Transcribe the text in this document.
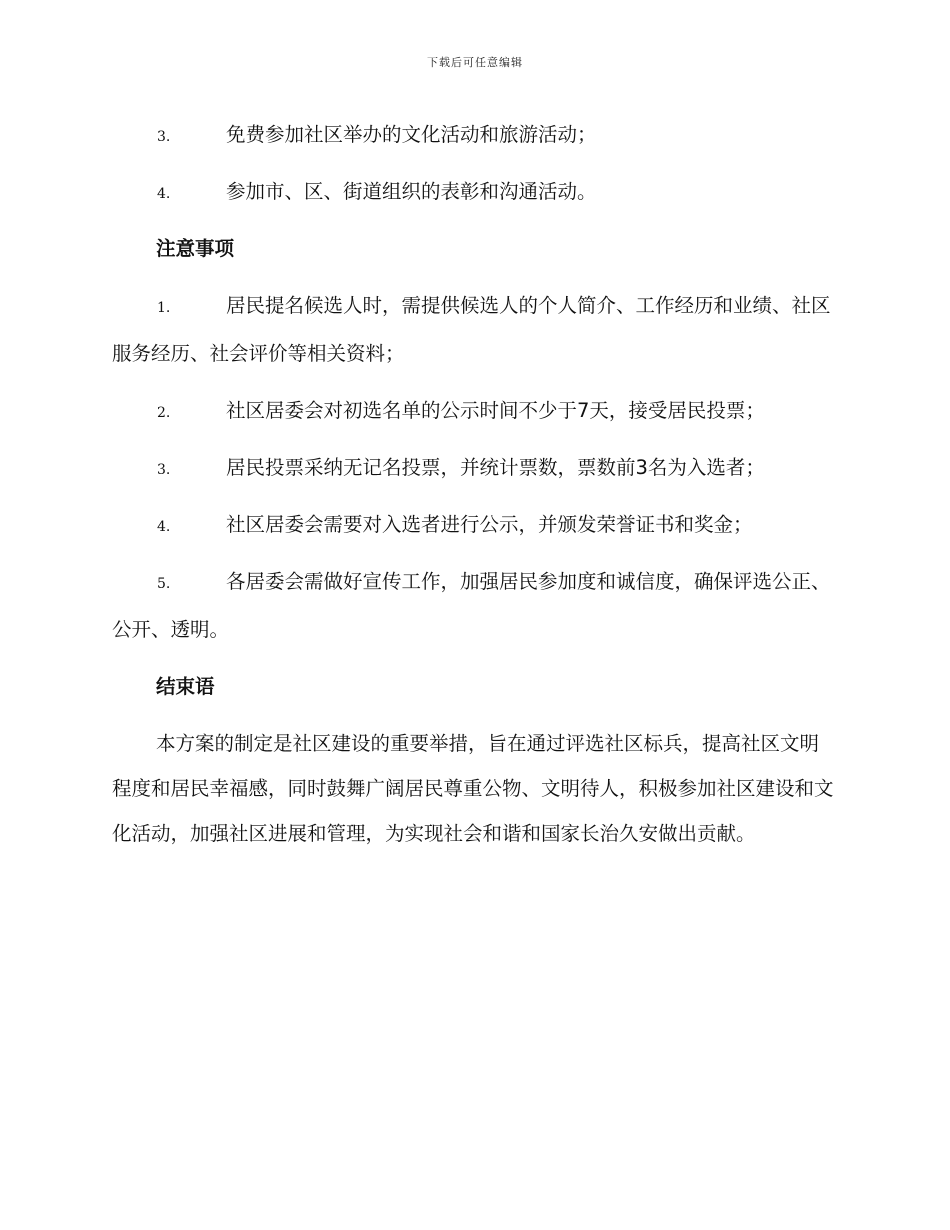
下载后可任意编辑
3.	免费参加社区举办的文化活动和旅游活动；
4.	参加市、区、街道组织的表彰和沟通活动。
注意事项
1.	居民提名候选人时，需提供候选人的个人简介、工作经历和业绩、社区服务经历、社会评价等相关资料；
2.	社区居委会对初选名单的公示时间不少于7天，接受居民投票；
3.	居民投票采纳无记名投票，并统计票数，票数前3名为入选者；
4.	社区居委会需要对入选者进行公示，并颁发荣誉证书和奖金；
5.	各居委会需做好宣传工作，加强居民参加度和诚信度，确保评选公正、公开、透明。
结束语

本方案的制定是社区建设的重要举措，旨在通过评选社区标兵，提高社区文明程度和居民幸福感，同时鼓舞广阔居民尊重公物、文明待人，积极参加社区建设和文化活动，加强社区进展和管理，为实现社会和谐和国家长治久安做出贡献。
